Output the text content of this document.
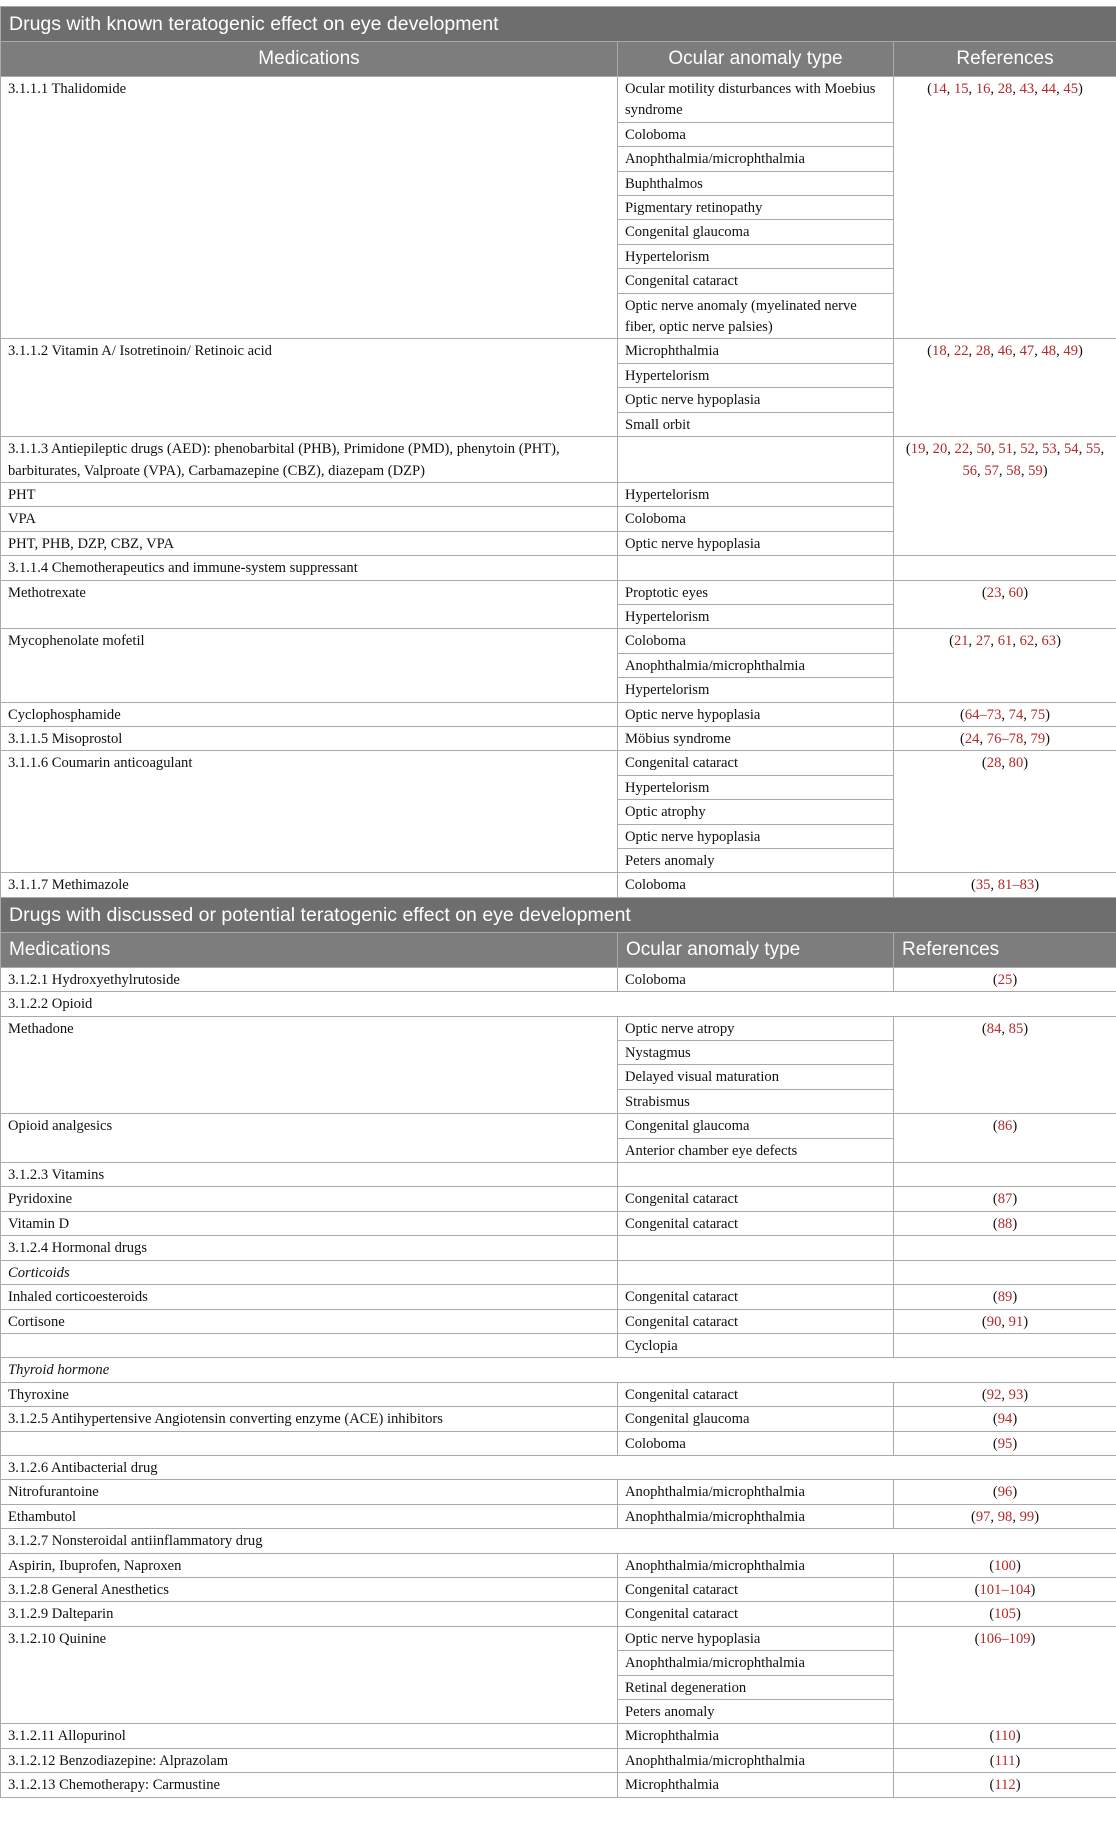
Drugs with known teratogenic effect on eye development		
Medications	Ocular anomaly type	References
3.1.1.1 Thalidomide	Ocular motility disturbances with Moebius syndrome	(14, 15, 16, 28, 43, 44, 45)
	Coloboma	
	Anophthalmia/microphthalmia	
	Buphthalmos	
	Pigmentary retinopathy	
	Congenital glaucoma	
	Hypertelorism	
	Congenital cataract	
	Optic nerve anomaly (myelinated nerve fiber, optic nerve palsies)	
3.1.1.2 Vitamin A/ Isotretinoin/ Retinoic acid	Microphthalmia	(18, 22, 28, 46, 47, 48, 49)
	Hypertelorism	
	Optic nerve hypoplasia	
	Small orbit	
3.1.1.3 Antiepileptic drugs (AED): phenobarbital (PHB), Primidone (PMD), phenytoin (PHT), barbiturates, Valproate (VPA), Carbamazepine (CBZ), diazepam (DZP)		(19, 20, 22, 50, 51, 52, 53, 54, 55, 56, 57, 58, 59)
PHT	Hypertelorism	
VPA	Coloboma	
PHT, PHB, DZP, CBZ, VPA	Optic nerve hypoplasia	
3.1.1.4 Chemotherapeutics and immune-system suppressant		
Methotrexate	Proptotic eyes	(23, 60)
	Hypertelorism	
Mycophenolate mofetil	Coloboma	(21, 27, 61, 62, 63)
	Anophthalmia/microphthalmia	
	Hypertelorism	
Cyclophosphamide	Optic nerve hypoplasia	(64–73, 74, 75)
3.1.1.5 Misoprostol	Möbius syndrome	(24, 76–78, 79)
3.1.1.6 Coumarin anticoagulant	Congenital cataract	(28, 80)
	Hypertelorism	
	Optic atrophy	
	Optic nerve hypoplasia	
	Peters anomaly	
3.1.1.7 Methimazole	Coloboma	(35, 81–83)
Drugs with discussed or potential teratogenic effect on eye development		
Medications	Ocular anomaly type	References
3.1.2.1 Hydroxyethylrutoside	Coloboma	(25)
3.1.2.2 Opioid		
Methadone	Optic nerve atropy	(84, 85)
	Nystagmus	
	Delayed visual maturation	
	Strabismus	
Opioid analgesics	Congenital glaucoma	(86)
	Anterior chamber eye defects	
3.1.2.3 Vitamins		
Pyridoxine	Congenital cataract	(87)
Vitamin D	Congenital cataract	(88)
3.1.2.4 Hormonal drugs		
Corticoids		
Inhaled corticoesteroids	Congenital cataract	(89)
Cortisone	Congenital cataract	(90, 91)
	Cyclopia	
Thyroid hormone		
Thyroxine	Congenital cataract	(92, 93)
3.1.2.5 Antihypertensive Angiotensin converting enzyme (ACE) inhibitors	Congenital glaucoma	(94)
	Coloboma	(95)
3.1.2.6 Antibacterial drug		
Nitrofurantoine	Anophthalmia/microphthalmia	(96)
Ethambutol	Anophthalmia/microphthalmia	(97, 98, 99)
3.1.2.7 Nonsteroidal antiinflammatory drug		
Aspirin, Ibuprofen, Naproxen	Anophthalmia/microphthalmia	(100)
3.1.2.8 General Anesthetics	Congenital cataract	(101–104)
3.1.2.9 Dalteparin	Congenital cataract	(105)
3.1.2.10 Quinine	Optic nerve hypoplasia	(106–109)
	Anophthalmia/microphthalmia	
	Retinal degeneration	
	Peters anomaly	
3.1.2.11 Allopurinol	Microphthalmia	(110)
3.1.2.12 Benzodiazepine: Alprazolam	Anophthalmia/microphthalmia	(111)
3.1.2.13 Chemotherapy: Carmustine	Microphthalmia	(112)
